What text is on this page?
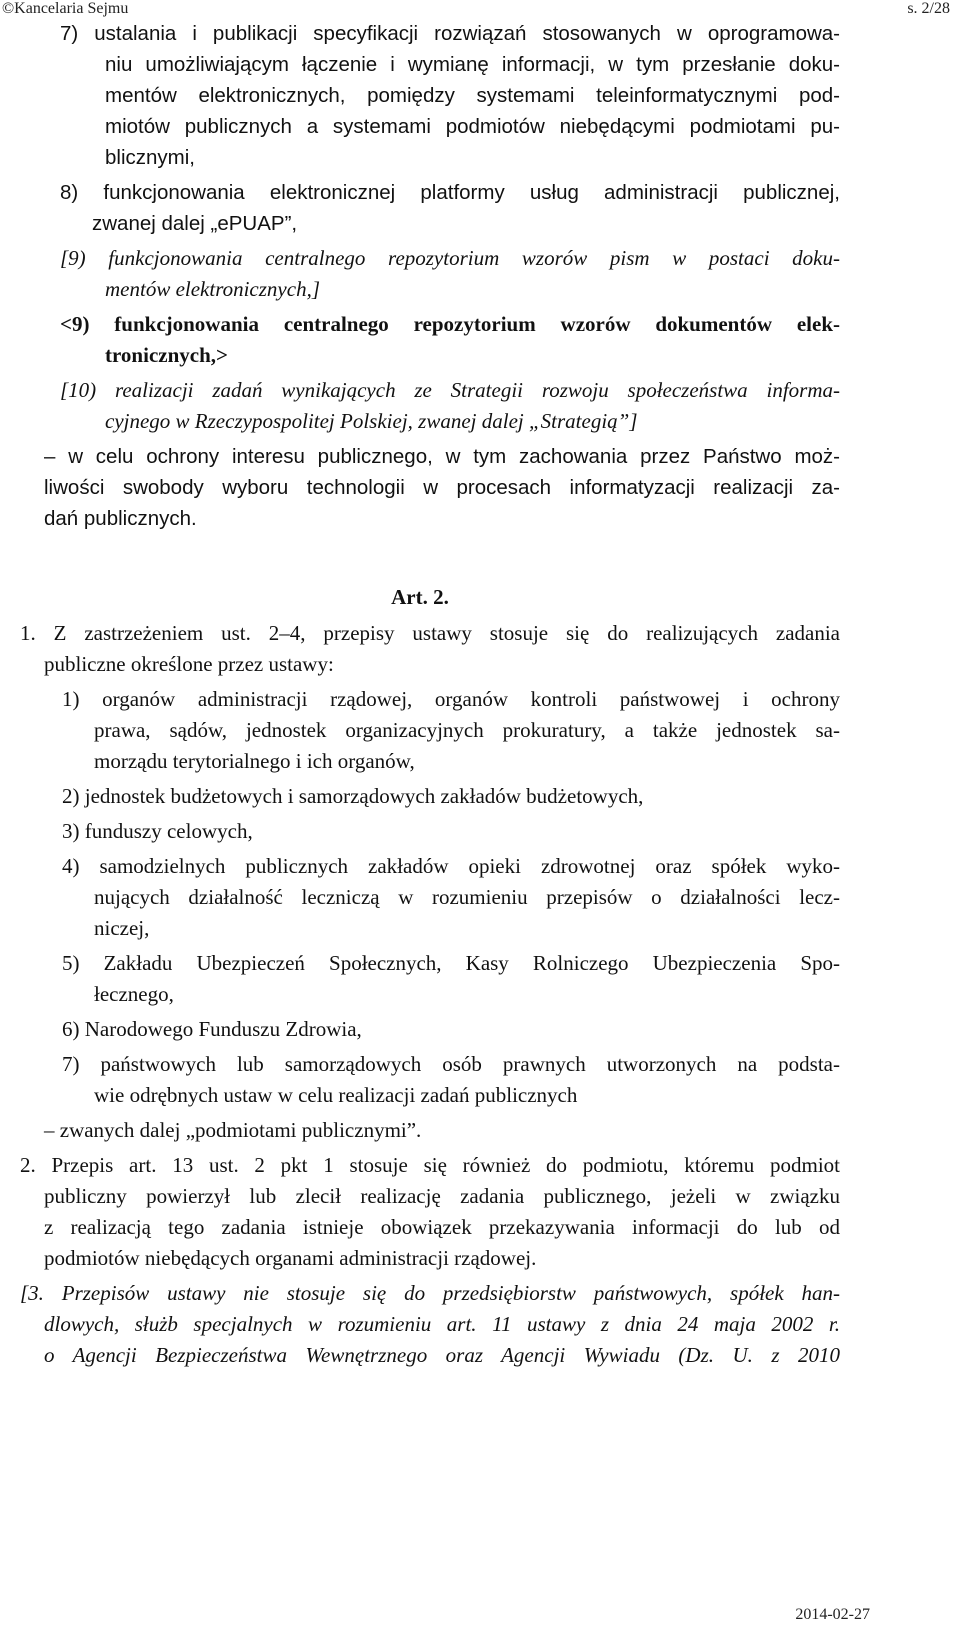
©Kancelaria Sejmu	s. 2/28
7) ustalania i publikacji specyfikacji rozwiązań stosowanych w oprogramowa-
niu umożliwiającym łączenie i wymianę informacji, w tym przesłanie doku-
mentów elektronicznych, pomiędzy systemami teleinformatycznymi pod-
miotów publicznych a systemami podmiotów niebędącymi podmiotami pu-
blicznymi,
8) funkcjonowania elektronicznej platformy usług administracji publicznej,
zwanej dalej „ePUAP”,
[9) funkcjonowania centralnego repozytorium wzorów pism w postaci doku-
mentów elektronicznych,]
<9) funkcjonowania centralnego repozytorium wzorów dokumentów elek-
tronicznych,>
[10) realizacji zadań wynikających ze Strategii rozwoju społeczeństwa informa-
cyjnego w Rzeczypospolitej Polskiej, zwanej dalej „Strategią”]
– w celu ochrony interesu publicznego, w tym zachowania przez Państwo moż-
liwości swobody wyboru technologii w procesach informatyzacji realizacji za-
dań publicznych.
Art. 2.
1. Z zastrzeżeniem ust. 2–4, przepisy ustawy stosuje się do realizujących zadania
publiczne określone przez ustawy:
1) organów administracji rządowej, organów kontroli państwowej i ochrony
prawa, sądów, jednostek organizacyjnych prokuratury, a także jednostek sa-
morządu terytorialnego i ich organów,
2) jednostek budżetowych i samorządowych zakładów budżetowych,
3) funduszy celowych,
4) samodzielnych publicznych zakładów opieki zdrowotnej oraz spółek wyko-
nujących działalność leczniczą w rozumieniu przepisów o działalności lecz-
niczej,
5) Zakładu Ubezpieczeń Społecznych, Kasy Rolniczego Ubezpieczenia Spo-
łecznego,
6) Narodowego Funduszu Zdrowia,
7) państwowych lub samorządowych osób prawnych utworzonych na podsta-
wie odrębnych ustaw w celu realizacji zadań publicznych
– zwanych dalej „podmiotami publicznymi”.
2. Przepis art. 13 ust. 2 pkt 1 stosuje się również do podmiotu, któremu podmiot
publiczny powierzył lub zlecił realizację zadania publicznego, jeżeli w związku
z realizacją tego zadania istnieje obowiązek przekazywania informacji do lub od
podmiotów niebędących organami administracji rządowej.
[3. Przepisów ustawy nie stosuje się do przedsiębiorstw państwowych, spółek han-
dlowych, służb specjalnych w rozumieniu art. 11 ustawy z dnia 24 maja 2002 r.
o Agencji Bezpieczeństwa Wewnętrznego oraz Agencji Wywiadu (Dz. U. z 2010
2014-02-27
